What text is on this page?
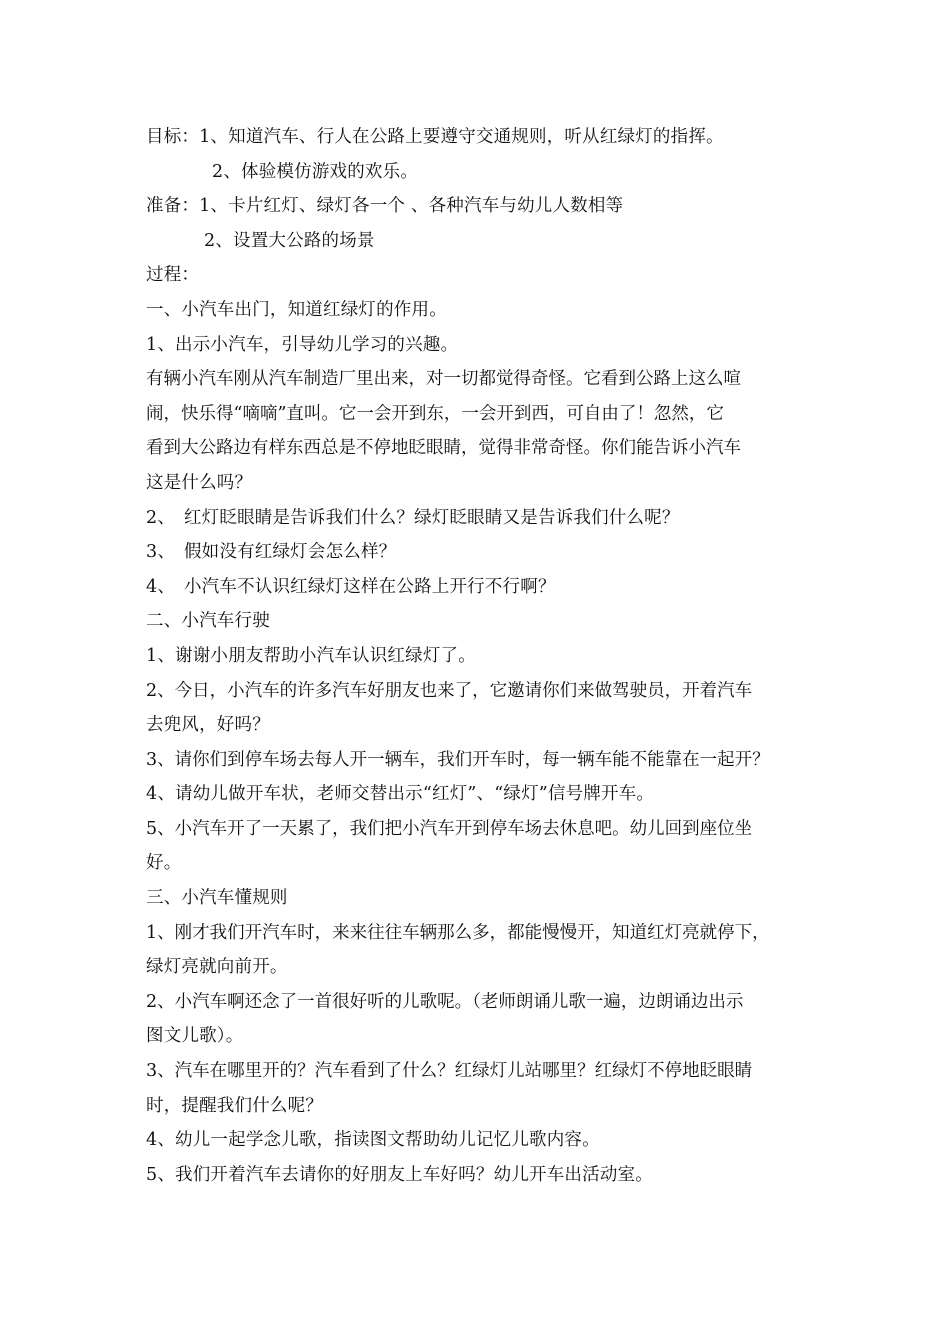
目标：1、知道汽车、行人在公路上要遵守交通规则，听从红绿灯的指挥。
2、体验模仿游戏的欢乐。
准备：1、卡片红灯、绿灯各一个 、各种汽车与幼儿人数相等
2、设置大公路的场景
过程：
一、小汽车出门，知道红绿灯的作用。
1、出示小汽车，引导幼儿学习的兴趣。
有辆小汽车刚从汽车制造厂里出来，对一切都觉得奇怪。它看到公路上这么喧
闹，快乐得“嘀嘀”直叫。它一会开到东，一会开到西，可自由了！忽然，它
看到大公路边有样东西总是不停地眨眼睛，觉得非常奇怪。你们能告诉小汽车
这是什么吗？
2、　红灯眨眼睛是告诉我们什么？绿灯眨眼睛又是告诉我们什么呢？
3、　假如没有红绿灯会怎么样？
4、　小汽车不认识红绿灯这样在公路上开行不行啊？
二、小汽车行驶
1、谢谢小朋友帮助小汽车认识红绿灯了。
2、今日，小汽车的许多汽车好朋友也来了，它邀请你们来做驾驶员，开着汽车
去兜风，好吗？
3、请你们到停车场去每人开一辆车，我们开车时，每一辆车能不能靠在一起开？
4、请幼儿做开车状，老师交替出示“红灯”、“绿灯”信号牌开车。
5、小汽车开了一天累了，我们把小汽车开到停车场去休息吧。幼儿回到座位坐
好。
三、小汽车懂规则
1、刚才我们开汽车时，来来往往车辆那么多，都能慢慢开，知道红灯亮就停下，
绿灯亮就向前开。
2、小汽车啊还念了一首很好听的儿歌呢。（老师朗诵儿歌一遍，边朗诵边出示
图文儿歌）。
3、汽车在哪里开的？汽车看到了什么？红绿灯儿站哪里？红绿灯不停地眨眼睛
时，提醒我们什么呢？
4、幼儿一起学念儿歌，指读图文帮助幼儿记忆儿歌内容。
5、我们开着汽车去请你的好朋友上车好吗？幼儿开车出活动室。
